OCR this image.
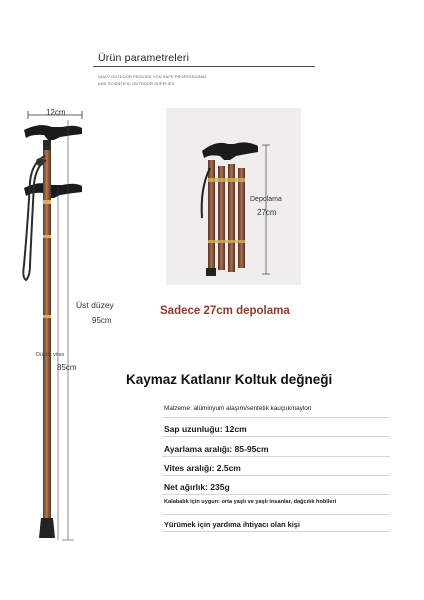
Ürün parametreleri
QIALV OUTDOOR PROVIDE YOU SAFE PROFESSIONAL
AND SCIENTIFIC OUTDOOR SUPPLIES
12cm
Üst düzey
95cm
Düşük vites
85cm
Depolama
27cm
Sadece 27cm depolama
Kaymaz Katlanır Koltuk değneği
Malzeme: alüminyum alaşım/sentetik kauçuk/naylon
Sap uzunluğu: 12cm
Ayarlama aralığı: 85-95cm
Vites aralığı: 2.5cm
Net ağırlık: 235g
Kalabalık için uygun: orta yaşlı ve yaşlı insanlar, dağcılık hobileri
Yürümek için yardıma ihtiyacı olan kişi
